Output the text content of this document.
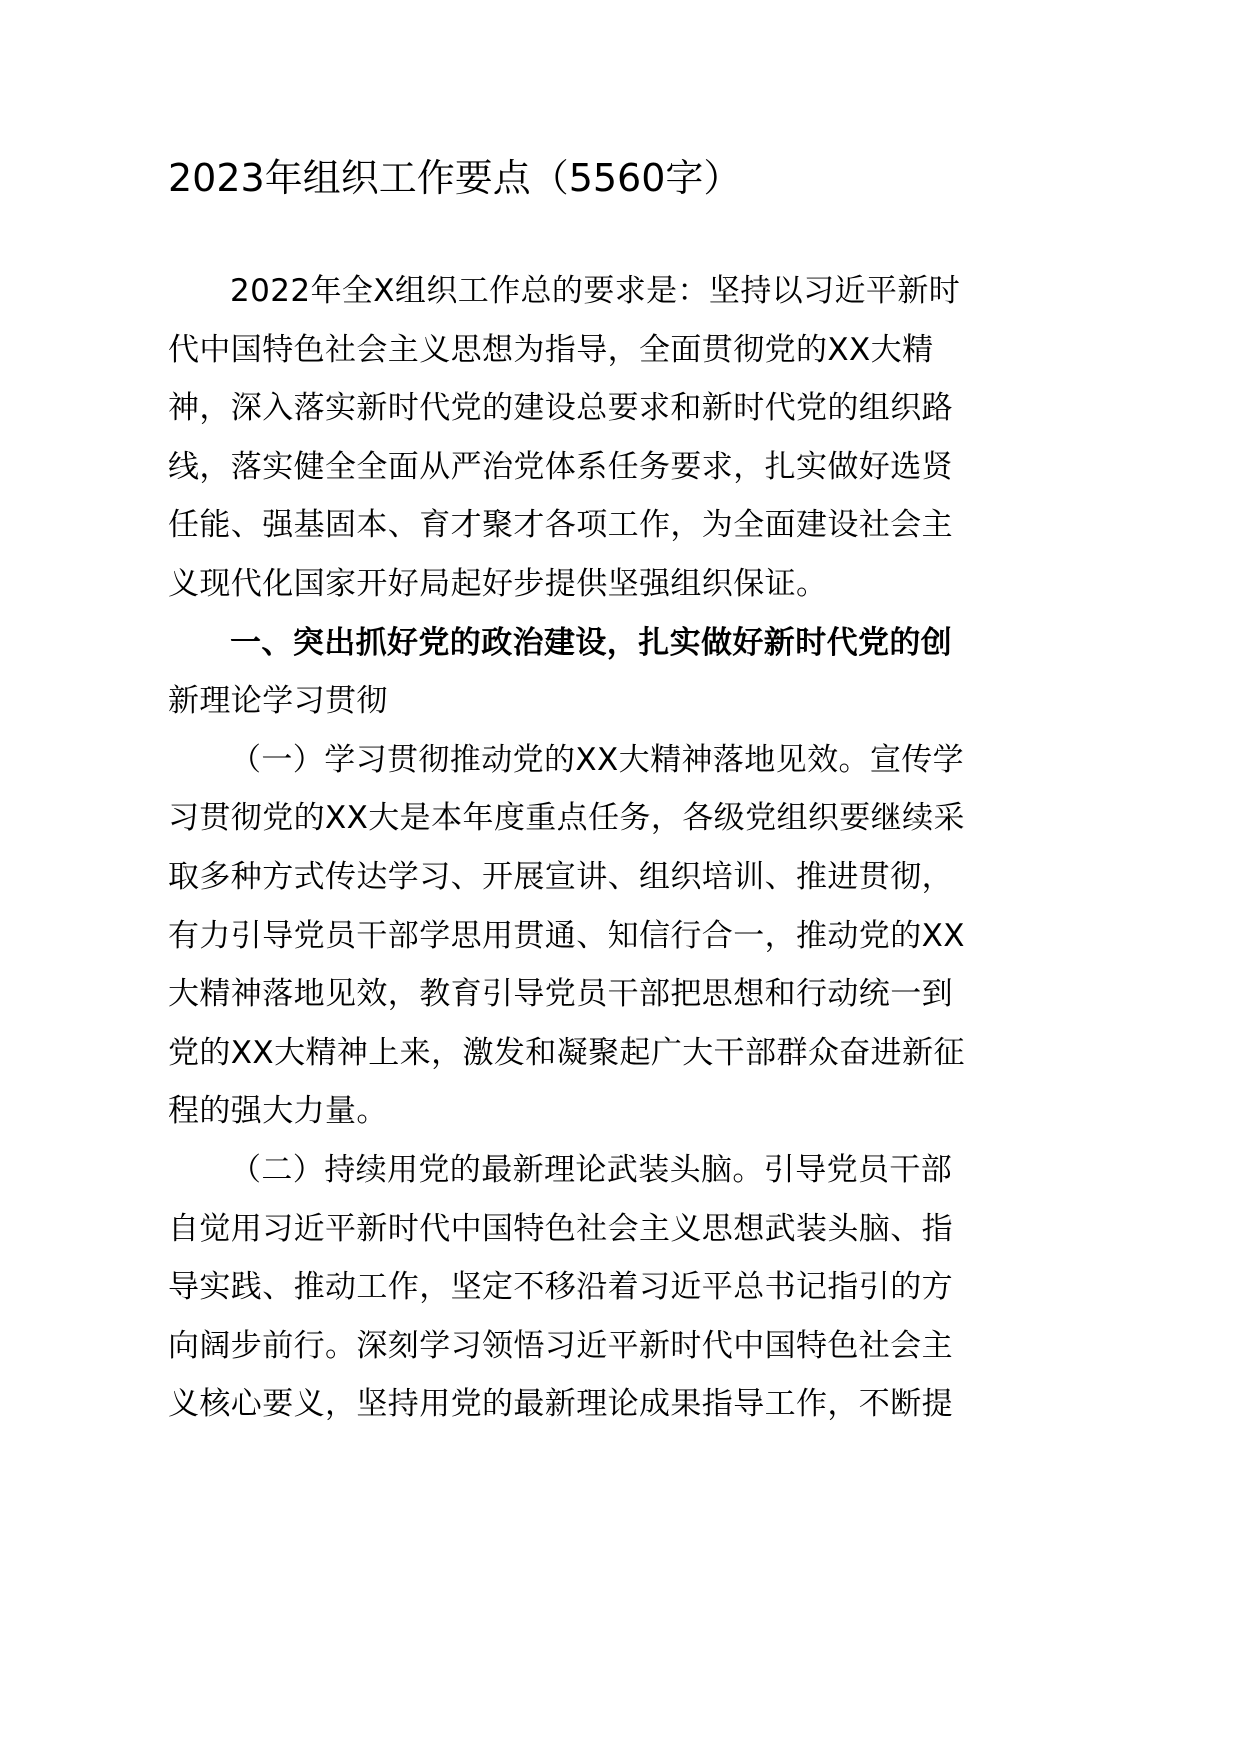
2023年组织工作要点（5560字）
2022年全X组织工作总的要求是：坚持以习近平新时
代中国特色社会主义思想为指导，全面贯彻党的XX大精
神，深入落实新时代党的建设总要求和新时代党的组织路
线，落实健全全面从严治党体系任务要求，扎实做好选贤
任能、强基固本、育才聚才各项工作，为全面建设社会主
义现代化国家开好局起好步提供坚强组织保证。
一、突出抓好党的政治建设，扎实做好新时代党的创
新理论学习贯彻
（一）学习贯彻推动党的XX大精神落地见效。宣传学
习贯彻党的XX大是本年度重点任务，各级党组织要继续采
取多种方式传达学习、开展宣讲、组织培训、推进贯彻，
有力引导党员干部学思用贯通、知信行合一，推动党的XX
大精神落地见效，教育引导党员干部把思想和行动统一到
党的XX大精神上来，激发和凝聚起广大干部群众奋进新征
程的强大力量。
（二）持续用党的最新理论武装头脑。引导党员干部
自觉用习近平新时代中国特色社会主义思想武装头脑、指
导实践、推动工作，坚定不移沿着习近平总书记指引的方
向阔步前行。深刻学习领悟习近平新时代中国特色社会主
义核心要义，坚持用党的最新理论成果指导工作，不断提
